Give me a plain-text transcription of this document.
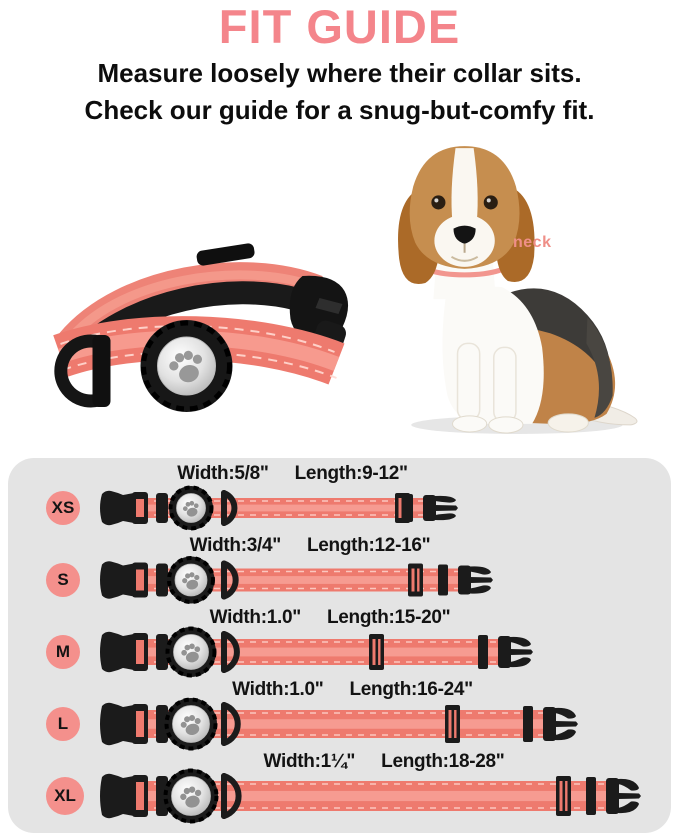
FIT GUIDE

Measure loosely where their collar sits.

Check our guide for a snug-but-comfy fit.

neck
XS
Width:5/8" Length:9-12"
S
Width:3/4" Length:12-16"
M
Width:1.0" Length:15-20"
L
Width:1.0" Length:16-24"
XL
Width:1¼" Length:18-28"
